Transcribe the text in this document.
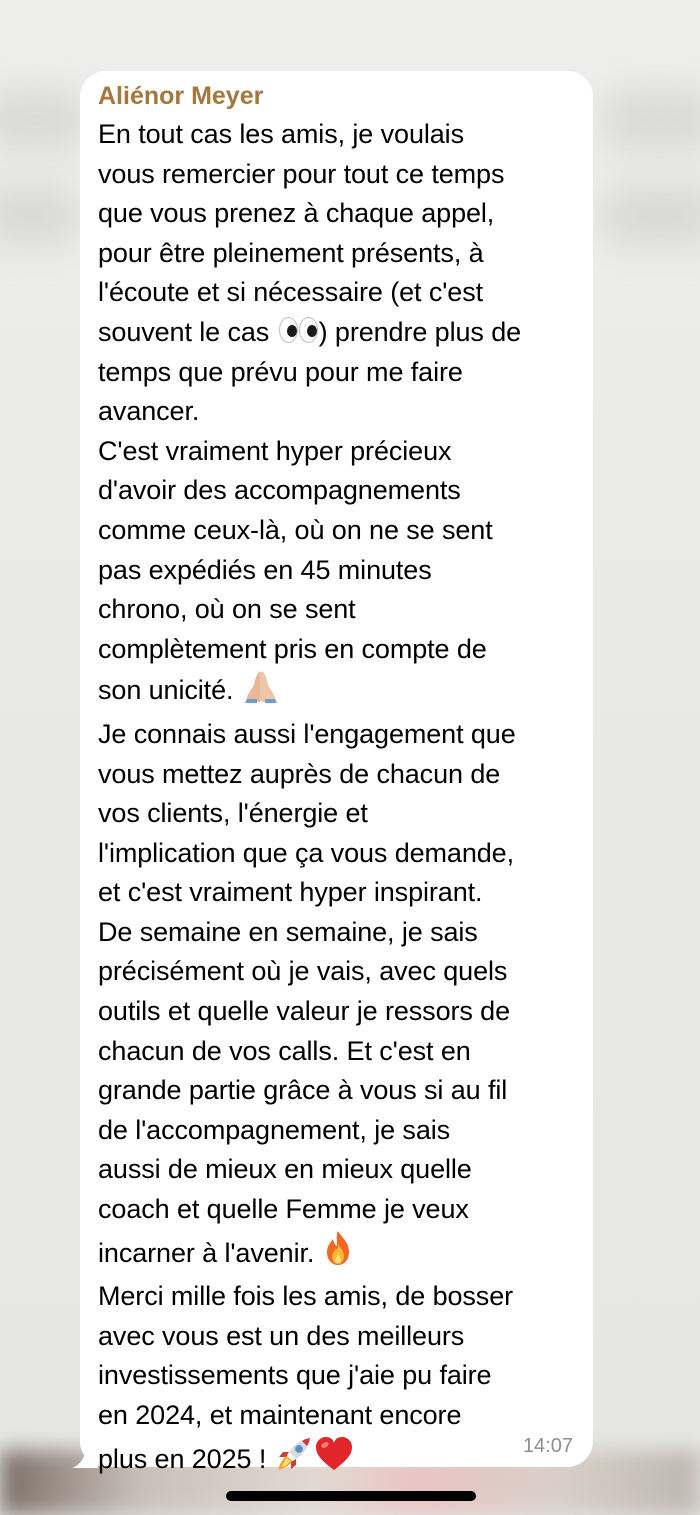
Aliénor Meyer
En tout cas les amis, je voulais
vous remercier pour tout ce temps
que vous prenez à chaque appel,
pour être pleinement présents, à
l'écoute et si nécessaire (et c'est
souvent le cas
) prendre plus de
temps que prévu pour me faire
avancer.
C'est vraiment hyper précieux
d'avoir des accompagnements
comme ceux-là, où on ne se sent
pas expédiés en 45 minutes
chrono, où on se sent
complètement pris en compte de
son unicité.
Je connais aussi l'engagement que
vous mettez auprès de chacun de
vos clients, l'énergie et
l'implication que ça vous demande,
et c'est vraiment hyper inspirant.
De semaine en semaine, je sais
précisément où je vais, avec quels
outils et quelle valeur je ressors de
chacun de vos calls. Et c'est en
grande partie grâce à vous si au fil
de l'accompagnement, je sais
aussi de mieux en mieux quelle
coach et quelle Femme je veux
incarner à l'avenir.
Merci mille fois les amis, de bosser
avec vous est un des meilleurs
investissements que j'aie pu faire
en 2024, et maintenant encore
plus en 2025 !	14:07
